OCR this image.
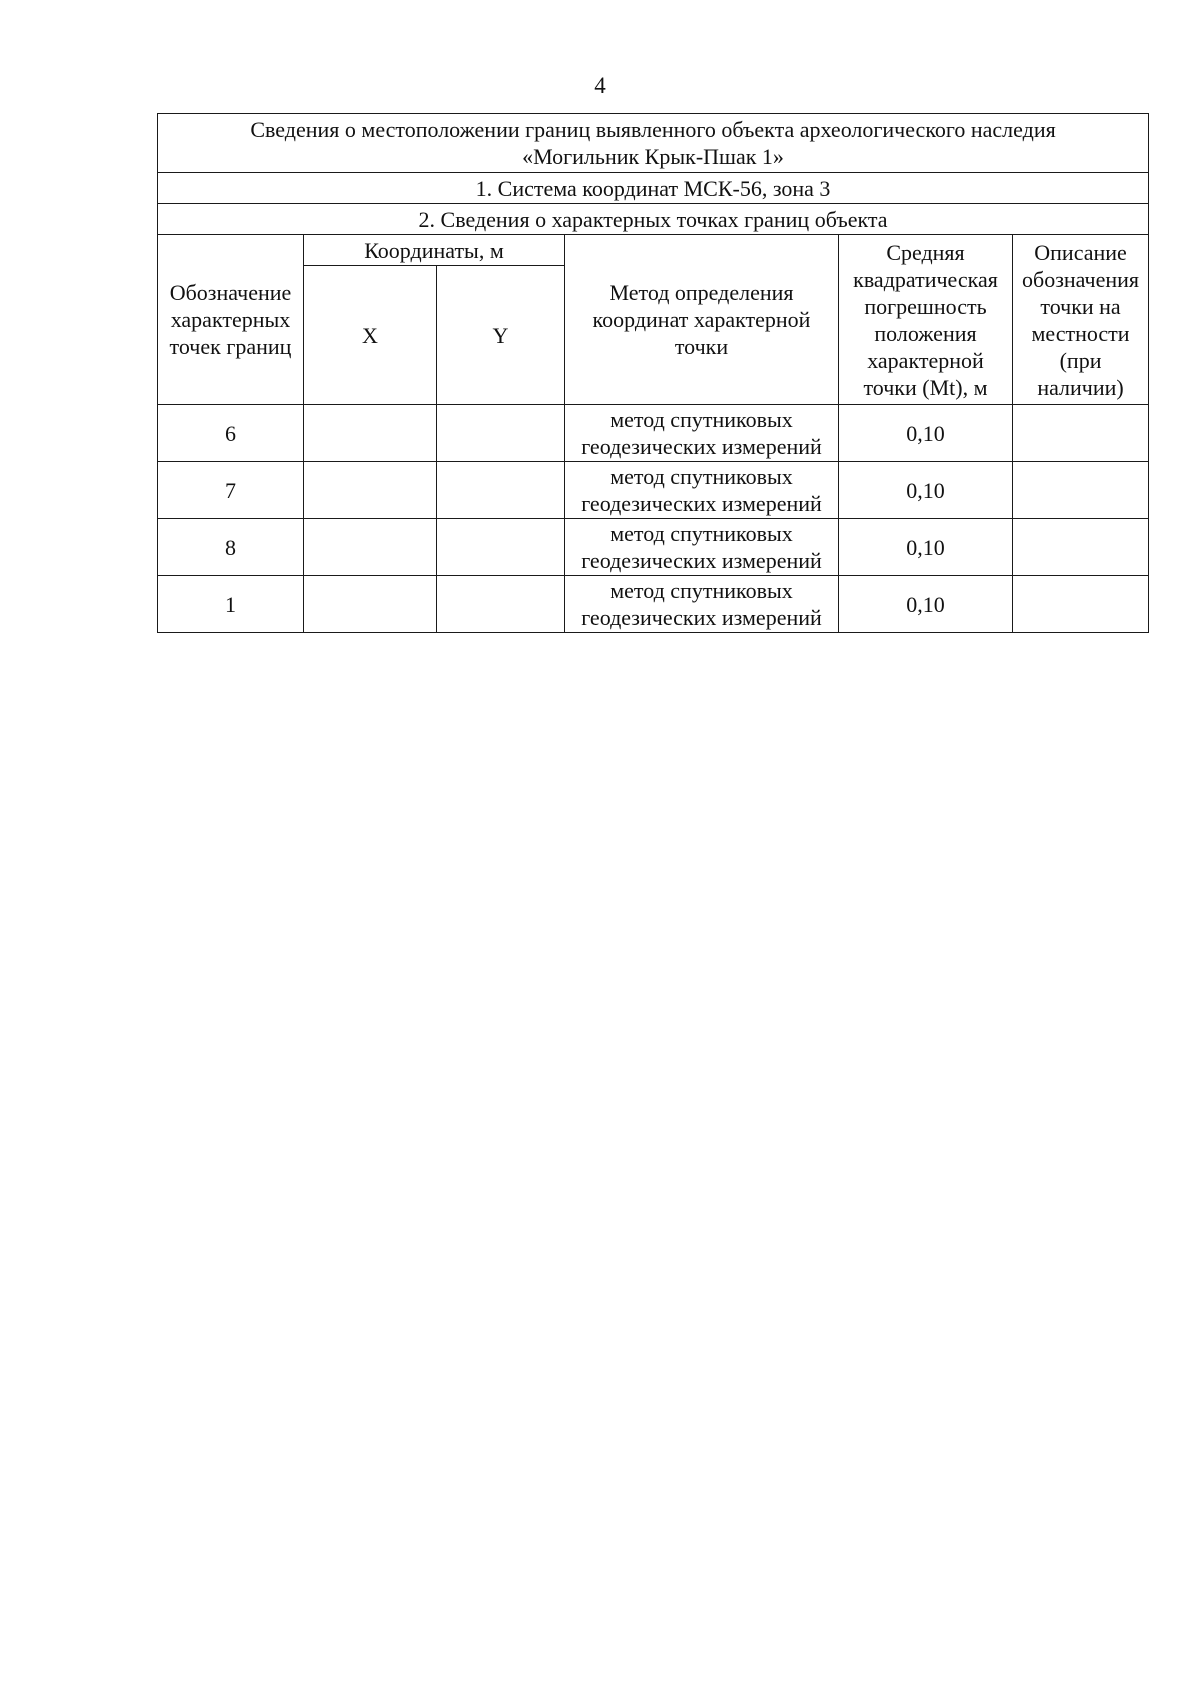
4
Сведения о местоположении границ выявленного объекта археологического наследия
«Могильник Крык-Пшак 1»					

1. Система координат МСК-56, зона 3					
2. Сведения о характерных точках границ объекта					
Обозначение характерных точек границ	Координаты, м		Метод определения координат характерной точки	Средняя квадратическая погрешность положения характерной точки (Mt), м	Описание обозначения точки на местности (при наличии)
	X	Y			
6			метод спутниковых геодезических измерений	0,10	
7			метод спутниковых геодезических измерений	0,10	
8			метод спутниковых геодезических измерений	0,10	
1			метод спутниковых геодезических измерений	0,10	
